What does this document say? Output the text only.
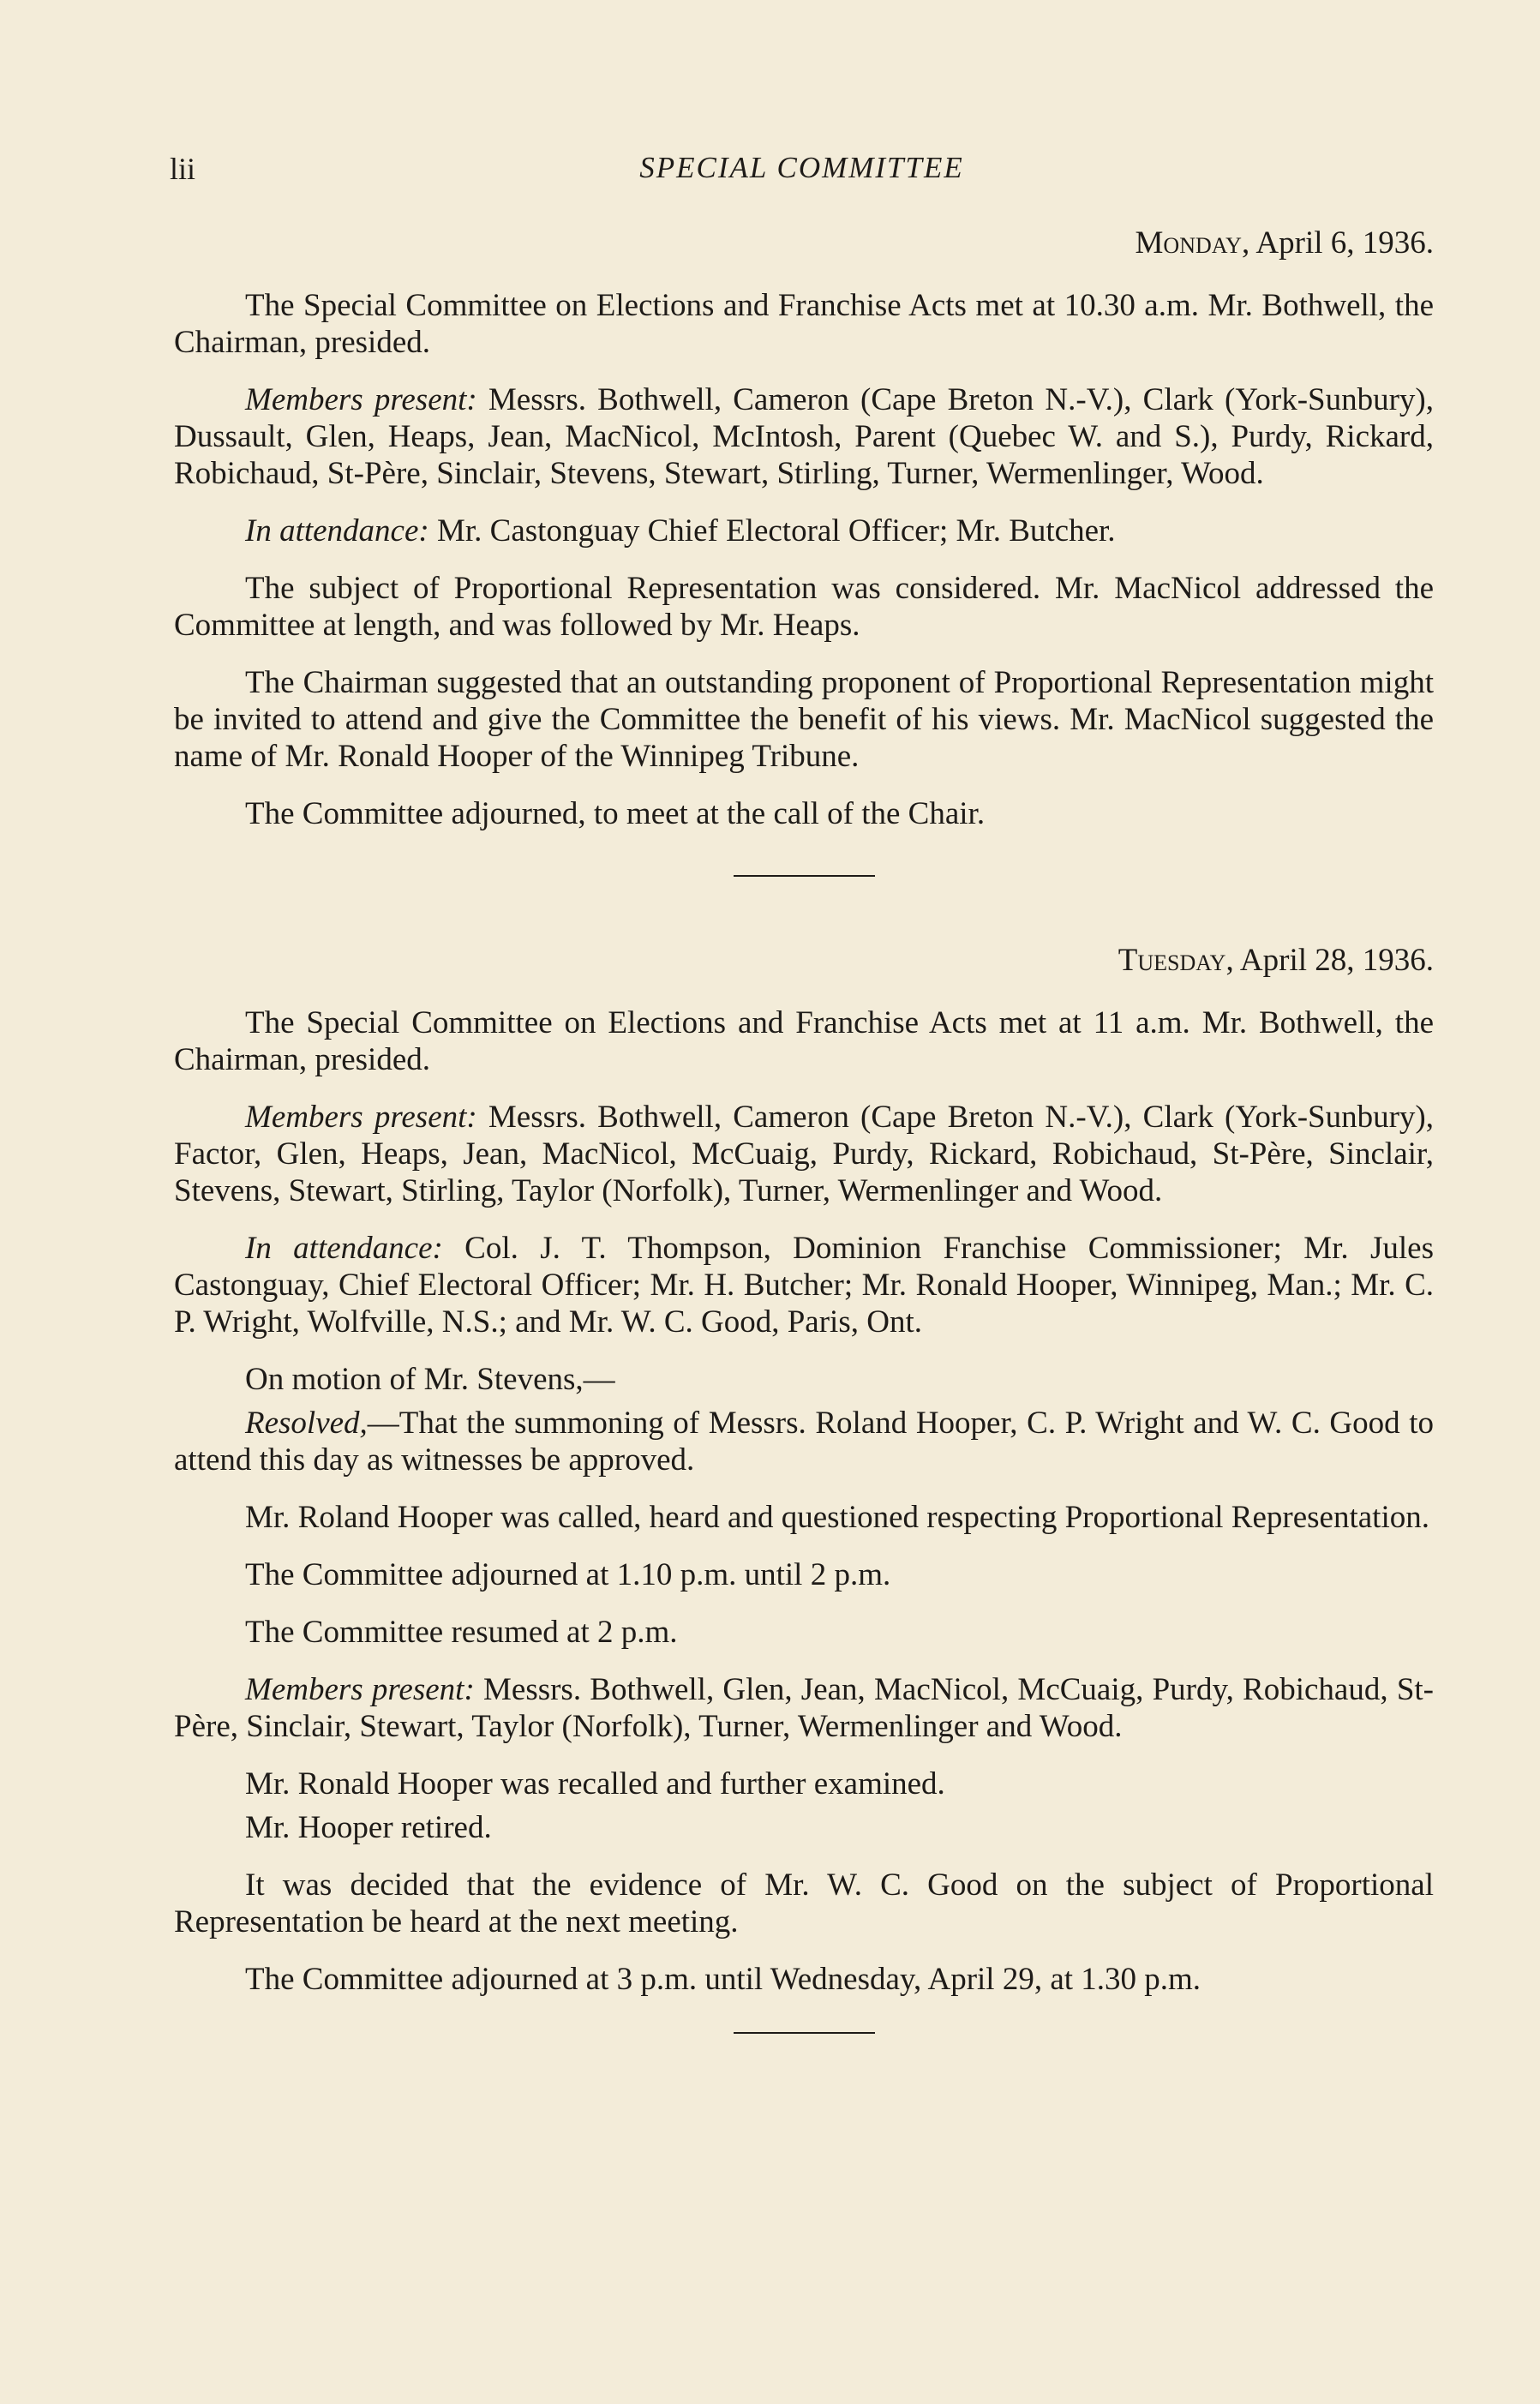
lii	SPECIAL COMMITTEE
Monday, April 6, 1936.

The Special Committee on Elections and Franchise Acts met at 10.30 a.m. Mr. Bothwell, the Chairman, presided.

Members present: Messrs. Bothwell, Cameron (Cape Breton N.-V.), Clark (York-Sunbury), Dussault, Glen, Heaps, Jean, MacNicol, McIntosh, Parent (Quebec W. and S.), Purdy, Rickard, Robichaud, St-Père, Sinclair, Stevens, Stewart, Stirling, Turner, Wermenlinger, Wood.

In attendance: Mr. Castonguay Chief Electoral Officer; Mr. Butcher.

The subject of Proportional Representation was considered. Mr. MacNicol addressed the Committee at length, and was followed by Mr. Heaps.

The Chairman suggested that an outstanding proponent of Proportional Representation might be invited to attend and give the Committee the benefit of his views. Mr. MacNicol suggested the name of Mr. Ronald Hooper of the Winnipeg Tribune.

The Committee adjourned, to meet at the call of the Chair.

Tuesday, April 28, 1936.

The Special Committee on Elections and Franchise Acts met at 11 a.m. Mr. Bothwell, the Chairman, presided.

Members present: Messrs. Bothwell, Cameron (Cape Breton N.-V.), Clark (York-Sunbury), Factor, Glen, Heaps, Jean, MacNicol, McCuaig, Purdy, Rickard, Robichaud, St-Père, Sinclair, Stevens, Stewart, Stirling, Taylor (Norfolk), Turner, Wermenlinger and Wood.

In attendance: Col. J. T. Thompson, Dominion Franchise Commissioner; Mr. Jules Castonguay, Chief Electoral Officer; Mr. H. Butcher; Mr. Ronald Hooper, Winnipeg, Man.; Mr. C. P. Wright, Wolfville, N.S.; and Mr. W. C. Good, Paris, Ont.

On motion of Mr. Stevens,—

Resolved,—That the summoning of Messrs. Roland Hooper, C. P. Wright and W. C. Good to attend this day as witnesses be approved.

Mr. Roland Hooper was called, heard and questioned respecting Proportional Representation.

The Committee adjourned at 1.10 p.m. until 2 p.m.

The Committee resumed at 2 p.m.

Members present: Messrs. Bothwell, Glen, Jean, MacNicol, McCuaig, Purdy, Robichaud, St-Père, Sinclair, Stewart, Taylor (Norfolk), Turner, Wermenlinger and Wood.

Mr. Ronald Hooper was recalled and further examined.

Mr. Hooper retired.

It was decided that the evidence of Mr. W. C. Good on the subject of Proportional Representation be heard at the next meeting.

The Committee adjourned at 3 p.m. until Wednesday, April 29, at 1.30 p.m.
